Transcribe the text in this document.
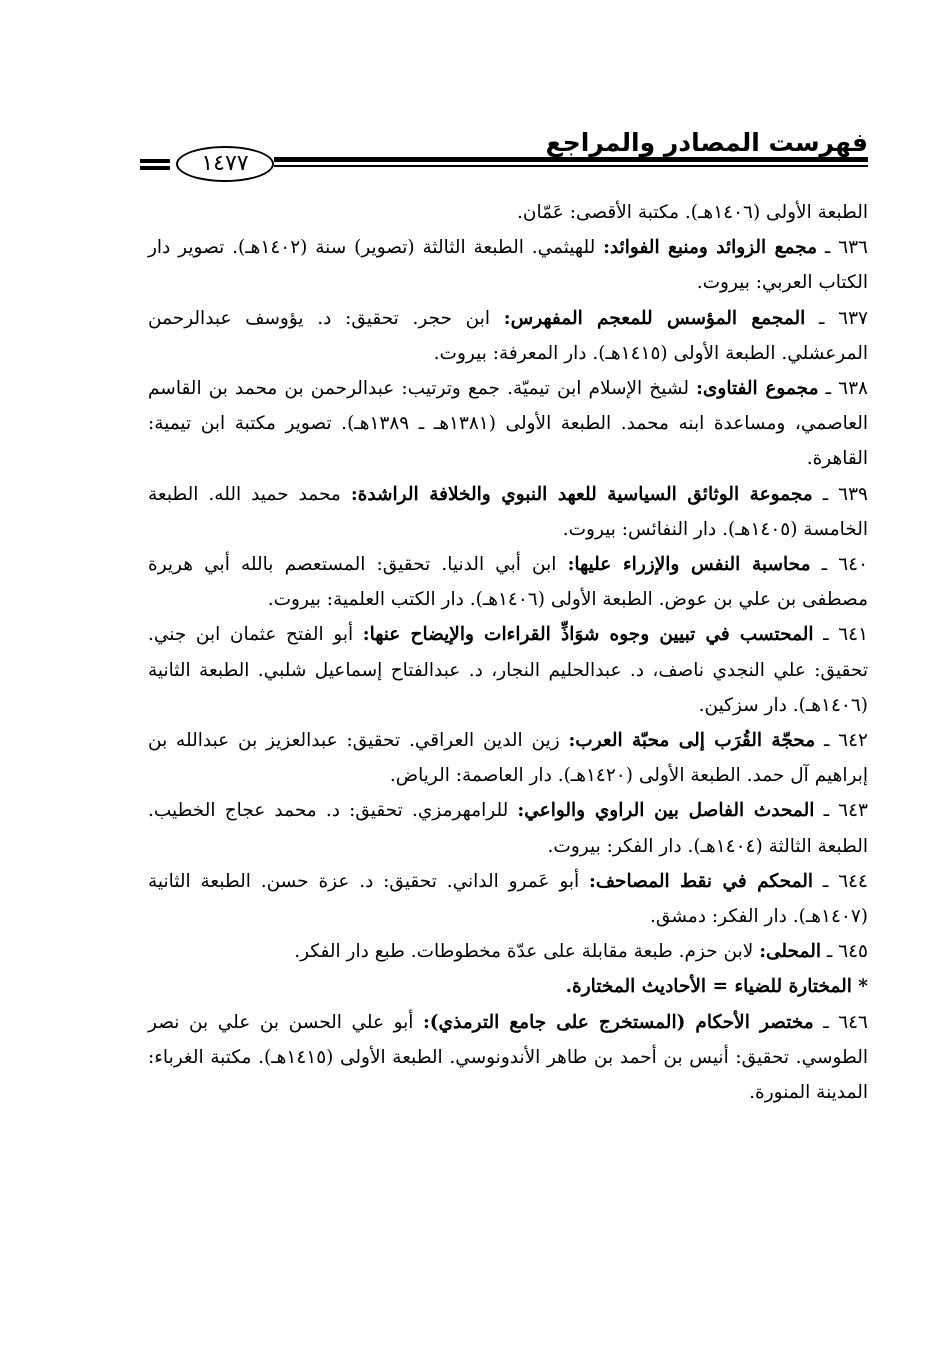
١٤٧٧
فهرست المصادر والمراجع

الطبعة الأولى (١٤٠٦هـ). مكتبة الأقصى: عَمّان.

٦٣٦ ـ مجمع الزوائد ومنبع الفوائد: للهيثمي. الطبعة الثالثة (تصوير) سنة (١٤٠٢هـ). تصوير دار الكتاب العربي: بيروت.

٦٣٧ ـ المجمع المؤسس للمعجم المفهرس: ابن حجر. تحقيق: د. يؤوسف عبدالرحمن المرعشلي. الطبعة الأولى (١٤١٥هـ). دار المعرفة: بيروت.

٦٣٨ ـ مجموع الفتاوى: لشيخ الإسلام ابن تيميّة. جمع وترتيب: عبدالرحمن بن محمد بن القاسم العاصمي، ومساعدة ابنه محمد. الطبعة الأولى (١٣٨١هـ ـ ١٣٨٩هـ). تصوير مكتبة ابن تيمية: القاهرة.

٦٣٩ ـ مجموعة الوثائق السياسية للعهد النبوي والخلافة الراشدة: محمد حميد الله. الطبعة الخامسة (١٤٠٥هـ). دار النفائس: بيروت.

٦٤٠ ـ محاسبة النفس والإزراء عليها: ابن أبي الدنيا. تحقيق: المستعصم بالله أبي هريرة مصطفى بن علي بن عوض. الطبعة الأولى (١٤٠٦هـ). دار الكتب العلمية: بيروت.

٦٤١ ـ المحتسب في تبيين وجوه شوَاذِّ القراءات والإيضاح عنها: أبو الفتح عثمان ابن جني. تحقيق: علي النجدي ناصف، د. عبدالحليم النجار، د. عبدالفتاح إسماعيل شلبي. الطبعة الثانية (١٤٠٦هـ). دار سزكين.

٦٤٢ ـ محجّة القُرَب إلى محبّة العرب: زين الدين العراقي. تحقيق: عبدالعزيز بن عبدالله بن إبراهيم آل حمد. الطبعة الأولى (١٤٢٠هـ). دار العاصمة: الرياض.

٦٤٣ ـ المحدث الفاصل بين الراوي والواعي: للرامهرمزي. تحقيق: د. محمد عجاج الخطيب. الطبعة الثالثة (١٤٠٤هـ). دار الفكر: بيروت.

٦٤٤ ـ المحكم في نقط المصاحف: أبو عَمرو الداني. تحقيق: د. عزة حسن. الطبعة الثانية (١٤٠٧هـ). دار الفكر: دمشق.

٦٤٥ ـ المحلى: لابن حزم. طبعة مقابلة على عدّة مخطوطات. طبع دار الفكر.

* المختارة للضياء = الأحاديث المختارة.

٦٤٦ ـ مختصر الأحكام (المستخرج على جامع الترمذي): أبو علي الحسن بن علي بن نصر الطوسي. تحقيق: أنيس بن أحمد بن طاهر الأندونوسي. الطبعة الأولى (١٤١٥هـ). مكتبة الغرباء: المدينة المنورة.
